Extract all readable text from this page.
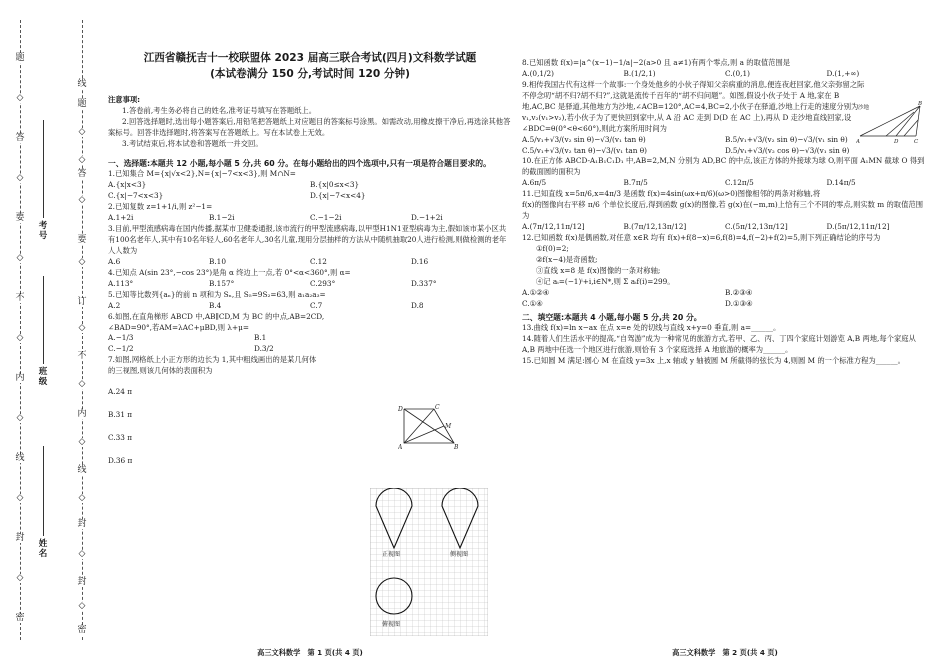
密
◇
封
◇
线
◇
内
◇
不
◇
要
◇
答
◇
题
考号
班级
姓名
线
◇
题
◇
答
◇
要
◇
订
◇
不
◇
内
◇
线
◇
封
◇
封
◇
密
江西省赣抚吉十一校联盟体 2023 届高三联合考试(四月)文科数学试题
(本试卷满分 150 分,考试时间 120 分钟)

注意事项:

1.答卷前,考生务必将自己的姓名,准考证号填写在答题纸上。

2.回答选择题时,选出每小题答案后,用铅笔把答题纸上对应题目的答案标号涂黑。如需改动,用橡皮擦干净后,再选涂其他答案标号。回答非选择题时,将答案写在答题纸上。写在本试卷上无效。

3.考试结束后,将本试卷和答题纸一并交回。

一、选择题:本题共 12 小题,每小题 5 分,共 60 分。在每小题给出的四个选项中,只有一项是符合题目要求的。

1.已知集合 M={x|√x<2},N={x|−7<x<3},则 M∩N=

A.{x|x<3}	B.{x|0≤x<3}
C.{x|−7<x<3}	D.{x|−7<x<4}

2.已知复数 z=1+1/i,则 z²−1=

A.1+2i	B.1−2i	C.−1−2i	D.−1+2i

3.目前,甲型流感病毒在国内传播,据某市卫健委通报,该市流行的甲型流感病毒,以甲型H1N1亚型病毒为主,假如该市某小区共有100名老年人,其中有10名年轻人,60名老年人,30名儿童,现用分层抽样的方法从中随机抽取20人进行检测,则做检测的老年人人数为

A.6	B.10	C.12	D.16

4.已知点 A(sin 23°,−cos 23°)是角 α 终边上一点,若 0°<α<360°,则 α=

A.113°	B.157°	C.293°	D.337°

5.已知等比数列{aₙ}的前 n 项和为 Sₙ,且 S₅=9S₂=63,则 a₁a₂a₃=

A.2	B.4	C.7	D.8

6.如图,在直角梯形 ABCD 中,AB∥CD,M 为 BC 的中点,AB=2CD,

∠BAD=90°,若AM=λAC+μBD,则 λ+μ=

A.−1/3	B.1
C.−1/2	D.3/2

7.如图,网格纸上小正方形的边长为 1,其中粗线画出的是某几何体

的三视图,则该几何体的表面积为

A.24 π
B.31 π
C.33 π
D.36 π
D	C
M
A	B
正视图	侧视图
俯视图
高三文科数学　第 1 页(共 4 页)

8.已知函数 f(x)=|a^(x−1)−1/a|−2(a>0 且 a≠1)有两个零点,则 a 的取值范围是

A.(0,1/2)	B.(1/2,1)	C.(0,1)	D.(1,+∞)

9.相传我国古代有这样一个故事:一个身处他乡的小伙子得知父亲病重的消息,便连夜赶回家,他父亲弥留之际不停念叨“胡不归?胡不归?”,这就是流传千百年的“胡不归问题”。如图,假设小伙子处于 A 地,家在 B 地,AC,BC 是驿道,其他地方为沙地,∠ACB=120°,AC=4,BC=2,小伙子在驿道,沙地上行走的速度分别为 v₁,v₂(v₁>v₂),若小伙子为了更快回到家中,从 A 沿 AC 走到 D(D 在 AC 上),再从 D 走沙地直线回家,设∠BDC=θ(0°<θ<60°),则此方案所用时间为

A.5/v₁+√3/(v₂ sin θ)−√3/(v₁ tan θ)	B.5/v₁+√3/(v₂ sin θ)−√3/(v₁ sin θ)
C.5/v₁+√3/(v₂ tan θ)−√3/(v₁ tan θ)	D.5/v₁+√3/(v₂ cos θ)−√3/(v₁ sin θ)

10.在正方体 ABCD-A₁B₁C₁D₁ 中,AB=2,M,N 分别为 AD,BC 的中点,该正方体的外接球为球 O,则平面 A₁MN 截球 O 得到的截面圆的面积为

A.6π/5	B.7π/5	C.12π/5	D.14π/5

11.已知直线 x=5π/6,x=4π/3 是函数 f(x)=4sin(ωx+π/6)(ω>0)图像相邻的两条对称轴,将

f(x)的图像向右平移 π/6 个单位长度后,得到函数 g(x)的图像,若 g(x)在(−m,m)上恰有三个不同的零点,则实数 m 的取值范围为

A.(7π/12,11π/12]	B.(7π/12,13π/12]	C.(5π/12,13π/12]	D.(5π/12,11π/12]

12.已知函数 f(x)是偶函数,对任意 x∈R 均有 f(x)+f(8−x)=6,f(8)=4,f(−2)+f(2)=5,则下列正确结论的序号为

①f(0)=2;

②f(x−4)是奇函数;

③直线 x=8 是 f(x)图像的一条对称轴;

④记 aᵢ=(−1)ⁱ+i,i∈N*,则 Σ aᵢf(i)=299。

A.①②④	B.②③④
C.①④	D.①③④

二、填空题:本题共 4 小题,每小题 5 分,共 20 分。

13.曲线 f(x)=ln x−ax 在点 x=e 处的切线与直线 x+y=0 垂直,则 a=______。

14.随着人们生活水平的提高,“自驾游”成为一种常见的旅游方式,若甲、乙、丙、丁四个家庭计划游览 A,B 两地,每个家庭从 A,B 两地中任选一个地区进行旅游,则恰有 3 个家庭选择 A 地旅游的概率为______。

15.已知圆 M 满足:圆心 M 在直线 y=3x 上,x 轴或 y 轴被圆 M 所截得的弦长为 4,则圆 M 的一个标准方程为______。

沙地
A	D	C
B
高三文科数学　第 2 页(共 4 页)
